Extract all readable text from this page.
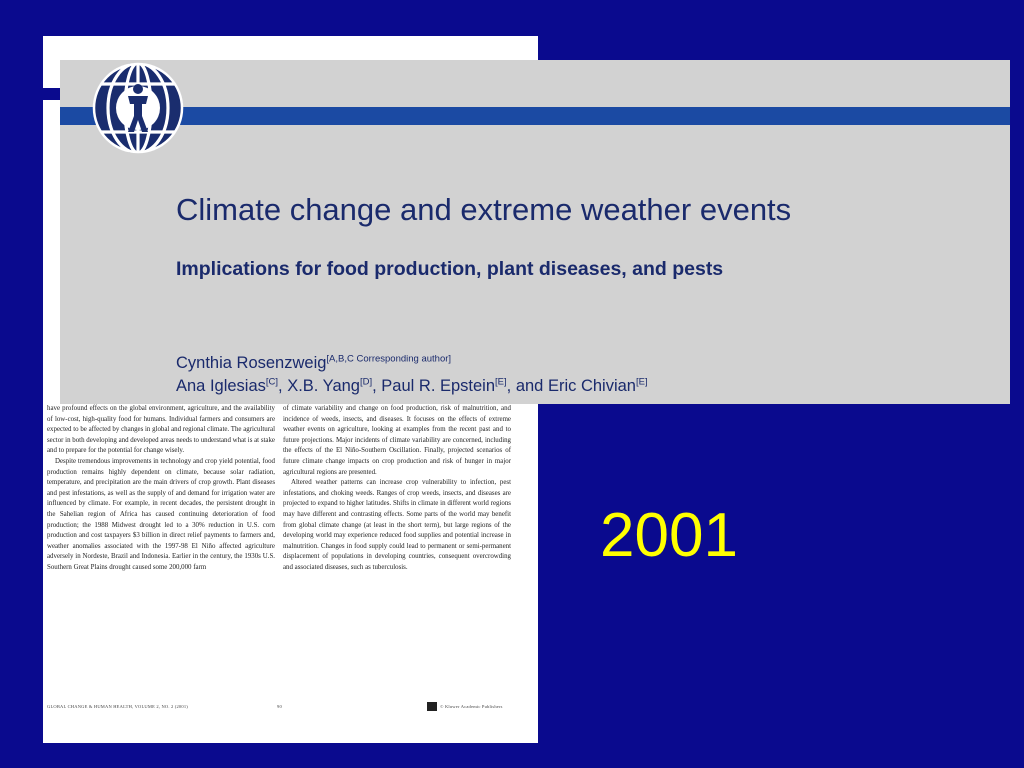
have profound effects on the global environment, agriculture, and the availability of low-cost, high-quality food for humans. Individual farmers and consumers are expected to be affected by changes in global and regional climate. The agricultural sector in both developing and developed areas needs to understand what is at stake and to prepare for the potential for change wisely.

Despite tremendous improvements in technology and crop yield potential, food production remains highly dependent on climate, because solar radiation, temperature, and precipitation are the main drivers of crop growth. Plant diseases and pest infestations, as well as the supply of and demand for irrigation water are influenced by climate. For example, in recent decades, the persistent drought in the Sahelian region of Africa has caused continuing deterioration of food production; the 1988 Midwest drought led to a 30% reduction in U.S. corn production and cost taxpayers $3 billion in direct relief payments to farmers and, weather anomalies associated with the 1997-98 El Niño affected agriculture adversely in Nordeste, Brazil and Indonesia. Earlier in the century, the 1930s U.S. Southern Great Plains drought caused some 200,000 farm

of climate variability and change on food production, risk of malnutrition, and incidence of weeds, insects, and diseases. It focuses on the effects of extreme weather events on agriculture, looking at examples from the recent past and to future projections. Major incidents of climate variability are concerned, including the effects of the El Niño-Southern Oscillation. Finally, projected scenarios of future climate change impacts on crop production and risk of hunger in major agricultural regions are presented.

Altered weather patterns can increase crop vulnerability to infection, pest infestations, and choking weeds. Ranges of crop weeds, insects, and diseases are projected to expand to higher latitudes. Shifts in climate in different world regions may have different and contrasting effects. Some parts of the world may benefit from global climate change (at least in the short term), but large regions of the developing world may experience reduced food supplies and potential increase in malnutrition. Changes in food supply could lead to permanent or semi-permanent displacement of populations in developing countries, consequent overcrowding and associated diseases, such as tuberculosis.

GLOBAL CHANGE & HUMAN HEALTH, VOLUME 2, NO. 2 (2001)	90	© Kluwer Academic Publishers
Climate change and extreme weather events
Implications for food production, plant diseases, and pests
Cynthia Rosenzweig[A,B,C Corresponding author]
Ana Iglesias[C], X.B. Yang[D], Paul R. Epstein[E], and Eric Chivian[E]
2001
